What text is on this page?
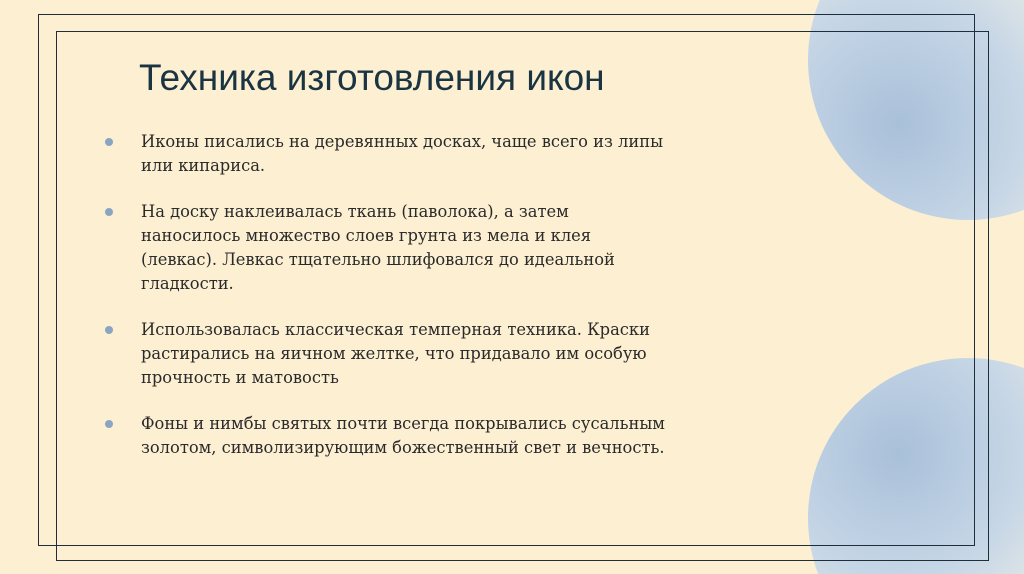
Техника изготовления икон
Иконы писались на деревянных досках, чаще всего из липы или кипариса.
На доску наклеивалась ткань (паволока), а затем наносилось множество слоев грунта из мела и клея (левкас). Левкас тщательно шлифовался до идеальной гладкости.
Использовалась классическая темперная техника. Краски растирались на яичном желтке, что придавало им особую прочность и матовость
Фоны и нимбы святых почти всегда покрывались сусальным золотом, символизирующим божественный свет и вечность.
